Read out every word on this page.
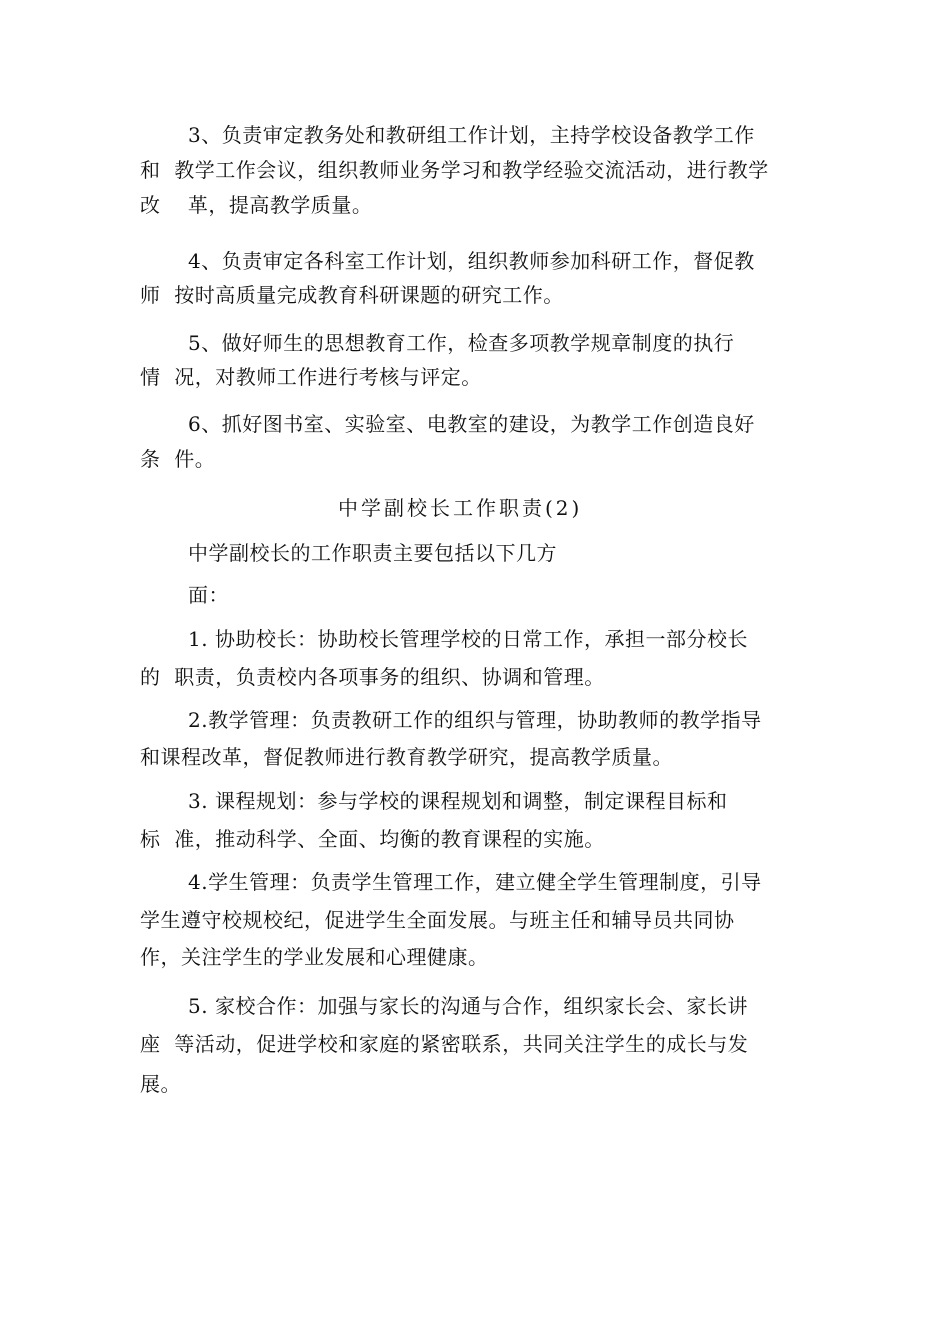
3、负责审定教务处和教研组工作计划，主持学校设备教学工作
和  教学工作会议，组织教师业务学习和教学经验交流活动，进行教学
改    革，提高教学质量。
4、负责审定各科室工作计划，组织教师参加科研工作，督促教
师  按时高质量完成教育科研课题的研究工作。
5、做好师生的思想教育工作，检查多项教学规章制度的执行
情  况，对教师工作进行考核与评定。
6、抓好图书室、实验室、电教室的建设，为教学工作创造良好
条  件。
中学副校长工作职责(2)
中学副校长的工作职责主要包括以下几方
面：
1. 协助校长：协助校长管理学校的日常工作，承担一部分校长
的  职责，负责校内各项事务的组织、协调和管理。
2.教学管理：负责教研工作的组织与管理，协助教师的教学指导
和课程改革，督促教师进行教育教学研究，提高教学质量。
3. 课程规划：参与学校的课程规划和调整，制定课程目标和
标  准，推动科学、全面、均衡的教育课程的实施。
4.学生管理：负责学生管理工作，建立健全学生管理制度，引导
学生遵守校规校纪，促进学生全面发展。与班主任和辅导员共同协
作，关注学生的学业发展和心理健康。
5. 家校合作：加强与家长的沟通与合作，组织家长会、家长讲
座  等活动，促进学校和家庭的紧密联系，共同关注学生的成长与发
展。
